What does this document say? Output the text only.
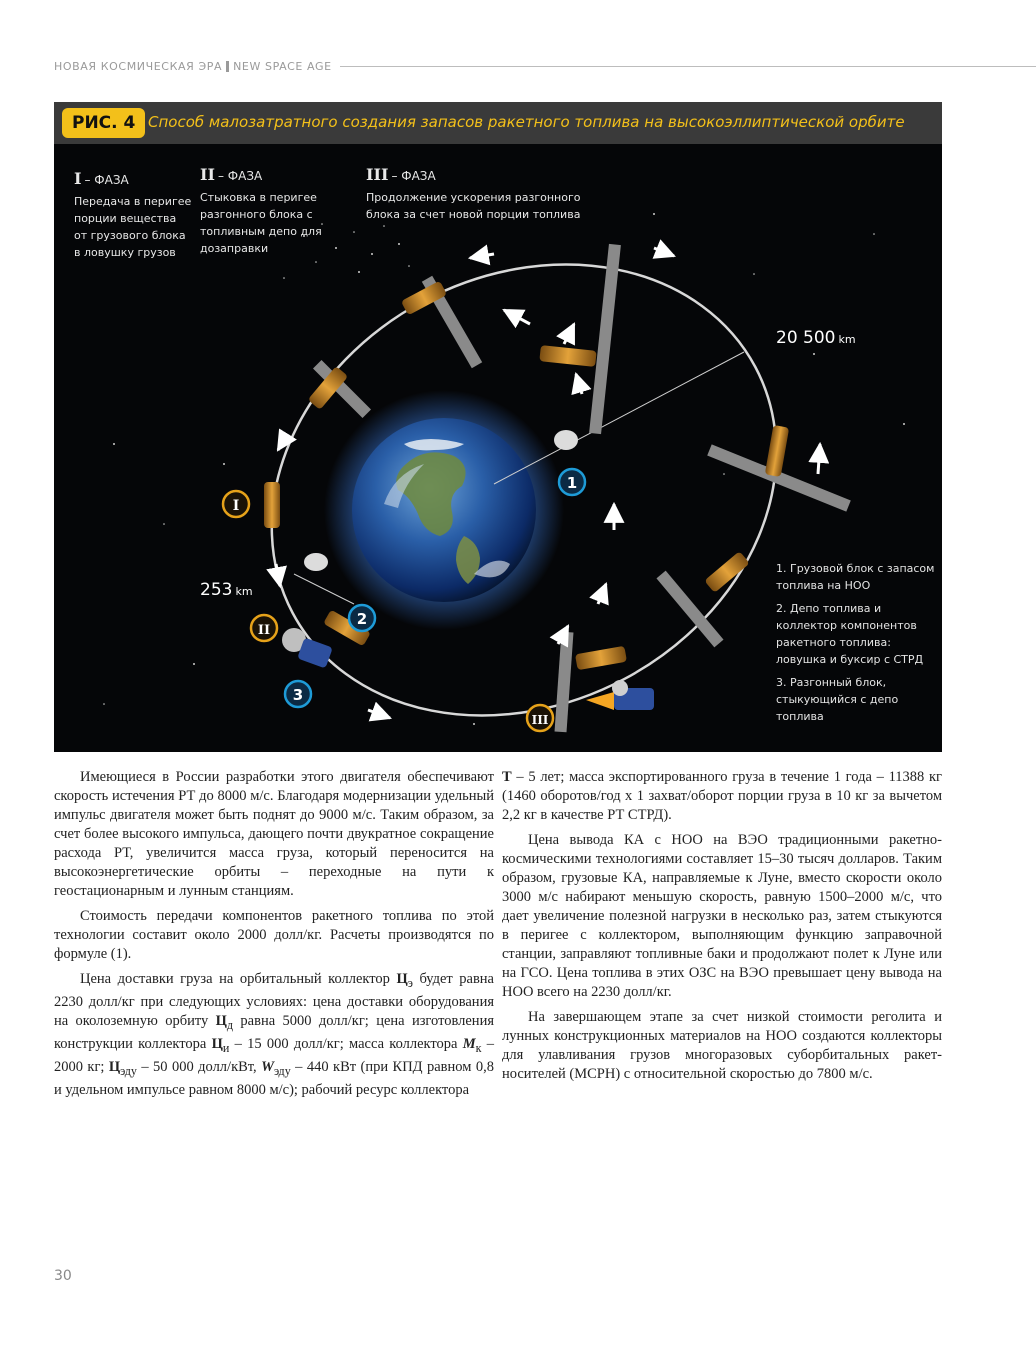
НОВАЯ КОСМИЧЕСКАЯ ЭРА NEW SPACE AGE
РИС. 4 Способ малозатратного создания запасов ракетного топлива на высокоэллиптической орбите
1
2
3
I
II
III
I – ФАЗА
Передача в перигее порции вещества от грузового блока в ловушку грузов
II – ФАЗА
Стыковка в перигее разгонного блока с топливным депо для дозаправки
III – ФАЗА
Продолжение ускорения разгонного блока за счет новой порции топлива
20 500 km
253 km

1. Грузовой блок с запасом топлива на НОО

2. Депо топлива и коллектор компонентов ракетного топлива: ловушка и буксир с СТРД

3. Разгонный блок, стыкующийся с депо топлива

Имеющиеся в России разработки этого двигателя обеспечивают скорость истечения РТ до 8000 м/с. Благодаря модернизации удельный импульс двигателя может быть поднят до 9000 м/с. Таким образом, за счет более высокого импульса, дающего почти двукратное сокращение расхода РТ, увеличится масса груза, который переносится на высокоэнергетические орбиты – переходные на пути к геостационарным и лунным станциям.

Стоимость передачи компонентов ракетного топлива по этой технологии составит около 2000 долл/кг. Расчеты производятся по формуле (1).

Цена доставки груза на орбитальный коллектор $Ц_э$ будет равна 2230 долл/кг при следующих условиях: цена доставки оборудования на околоземную орбиту $Ц_д$ равна 5000 долл/кг; цена изготовления конструкции коллектора $Ц_и - 15$ 000 долл/кг; масса коллектора $M_к - 2000$ кг; $Ц_{эду} - 50$ 000 долл/кВт, $W_{эду} - 440$ кВт (при КПД равном 0,8 и удельном импульсе равном 8000 м/с); рабочий ресурс коллектора

T – 5 лет; масса экспортированного груза в течение 1 года – 11388 кг (1460 оборотов/год x 1 захват/оборот порции груза в 10 кг за вычетом 2,2 кг в качестве РТ СТРД).

Цена вывода КА с НОО на ВЭО традиционными ракетно-космическими технологиями составляет 15–30 тысяч долларов. Таким образом, грузовые КА, направляемые к Луне, вместо скорости около 3000 м/с набирают меньшую скорость, равную 1500–2000 м/с, что дает увеличение полезной нагрузки в несколько раз, затем стыкуются в перигее с коллектором, выполняющим функцию заправочной станции, заправляют топливные баки и продолжают полет к Луне или на ГСО. Цена топлива в этих ОЗС на ВЭО превышает цену вывода на НОО всего на 2230 долл/кг.

На завершающем этапе за счет низкой стоимости реголита и лунных конструкционных материалов на НОО создаются коллекторы для улавливания грузов многоразовых суборбитальных ракет-носителей (МСРН) с относительной скоростью до 7800 м/с.

30
